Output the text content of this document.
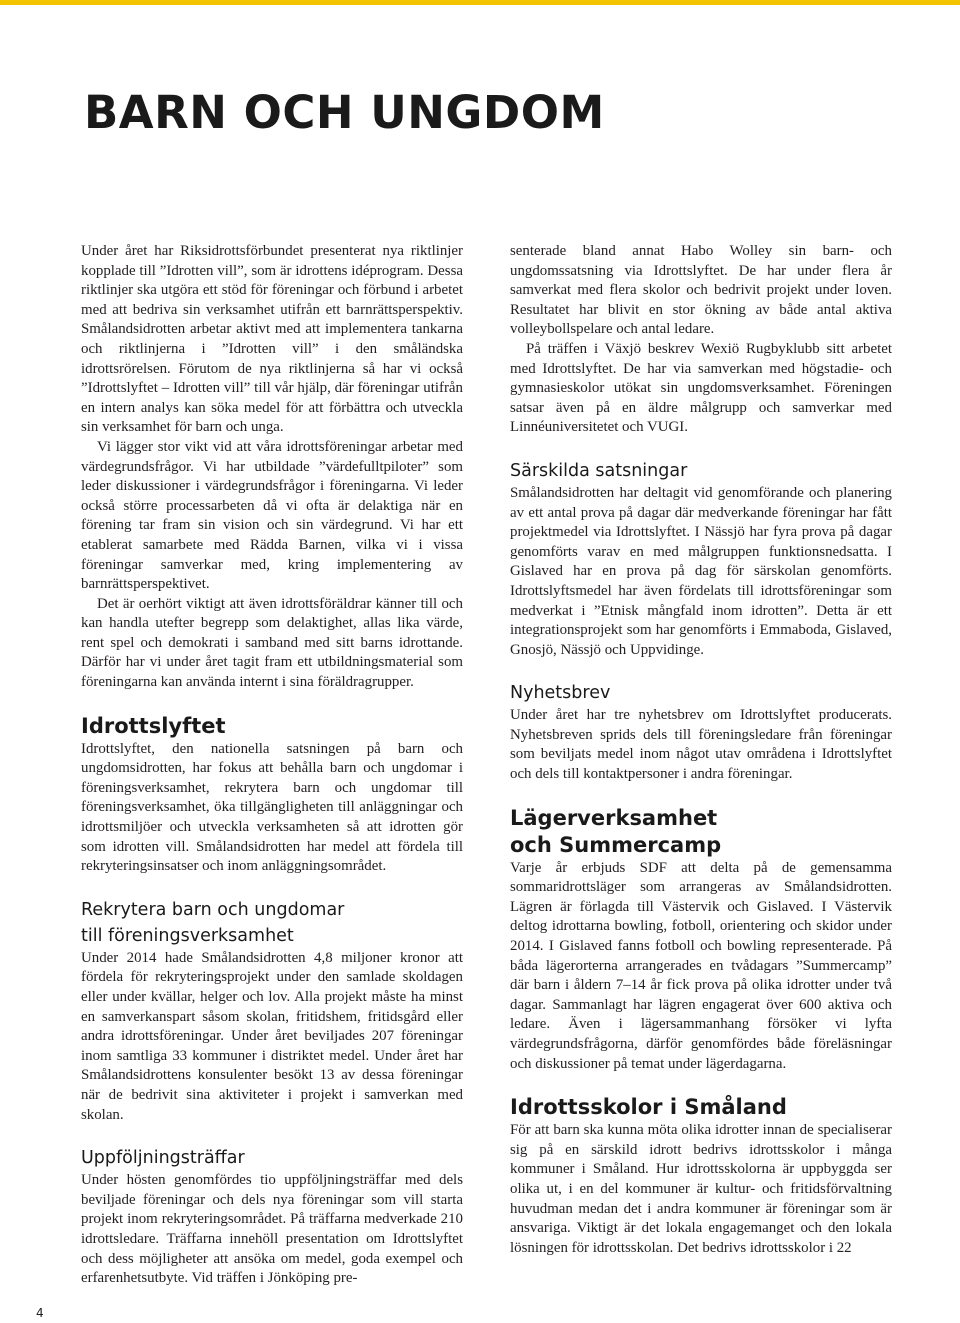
BARN OCH UNGDOM

Under året har Riksidrottsförbundet presenterat nya riktlinjer kopplade till ”Idrotten vill”, som är idrottens idéprogram. Dessa riktlinjer ska utgöra ett stöd för föreningar och förbund i arbetet med att bedriva sin verksamhet utifrån ett barnrättsperspektiv. Smålandsidrotten arbetar aktivt med att implementera tankarna och riktlinjerna i ”Idrotten vill” i den småländska idrottsrörelsen. Förutom de nya riktlinjerna så har vi också ”Idrottslyftet – Idrotten vill” till vår hjälp, där föreningar utifrån en intern analys kan söka medel för att förbättra och utveckla sin verksamhet för barn och unga.

Vi lägger stor vikt vid att våra idrottsföreningar arbetar med värdegrundsfrågor. Vi har utbildade ”värdefulltpiloter” som leder diskussioner i värdegrundsfrågor i föreningarna. Vi leder också större processarbeten då vi ofta är delaktiga när en förening tar fram sin vision och sin värdegrund. Vi har ett etablerat samarbete med Rädda Barnen, vilka vi i vissa föreningar samverkar med, kring implementering av barnrättsperspektivet.

Det är oerhört viktigt att även idrottsföräldrar känner till och kan handla utefter begrepp som delaktighet, allas lika värde, rent spel och demokrati i samband med sitt barns idrottande. Därför har vi under året tagit fram ett utbildningsmaterial som föreningarna kan använda internt i sina föräldragrupper.

Idrottslyftet

Idrottslyftet, den nationella satsningen på barn och ungdomsidrotten, har fokus att behålla barn och ungdomar i föreningsverksamhet, rekrytera barn och ungdomar till föreningsverksamhet, öka tillgängligheten till anläggningar och idrottsmiljöer och utveckla verksamheten så att idrotten gör som idrotten vill. Smålandsidrotten har medel att fördela till rekryteringsinsatser och inom anläggningsområdet.

Rekrytera barn och ungdomar
till föreningsverksamhet

Under 2014 hade Smålandsidrotten 4,8 miljoner kronor att fördela för rekryteringsprojekt under den samlade skoldagen eller under kvällar, helger och lov. Alla projekt måste ha minst en samverkanspart såsom skolan, fritidshem, fritidsgård eller andra idrottsföreningar. Under året beviljades 207 föreningar inom samtliga 33 kommuner i distriktet medel. Under året har Smålandsidrottens konsulenter besökt 13 av dessa föreningar när de bedrivit sina aktiviteter i projekt i samverkan med skolan.

Uppföljningsträffar

Under hösten genomfördes tio uppföljningsträffar med dels beviljade föreningar och dels nya föreningar som vill starta projekt inom rekryteringsområdet. På träffarna medverkade 210 idrottsledare. Träffarna innehöll presentation om Idrottslyftet och dess möjligheter att ansöka om medel, goda exempel och erfarenhetsutbyte. Vid träffen i Jönköping pre-

senterade bland annat Habo Wolley sin barn- och ungdomssatsning via Idrottslyftet. De har under flera år samverkat med flera skolor och bedrivit projekt under loven. Resultatet har blivit en stor ökning av både antal aktiva volleybollspelare och antal ledare.

På träffen i Växjö beskrev Wexiö Rugbyklubb sitt arbetet med Idrottslyftet. De har via samverkan med högstadie- och gymnasieskolor utökat sin ungdomsverksamhet. Föreningen satsar även på en äldre målgrupp och samverkar med Linnéuniversitetet och VUGI.

Särskilda satsningar

Smålandsidrotten har deltagit vid genomförande och planering av ett antal prova på dagar där medverkande föreningar har fått projektmedel via Idrottslyftet. I Nässjö har fyra prova på dagar genomförts varav en med målgruppen funktionsnedsatta. I Gislaved har en prova på dag för särskolan genomförts. Idrottslyftsmedel har även fördelats till idrottsföreningar som medverkat i ”Etnisk mångfald inom idrotten”. Detta är ett integrationsprojekt som har genomförts i Emmaboda, Gislaved, Gnosjö, Nässjö och Uppvidinge.

Nyhetsbrev

Under året har tre nyhetsbrev om Idrottslyftet producerats. Nyhetsbreven sprids dels till föreningsledare från föreningar som beviljats medel inom något utav områdena i Idrottslyftet och dels till kontaktpersoner i andra föreningar.

Lägerverksamhet
och Summercamp

Varje år erbjuds SDF att delta på de gemensamma sommaridrottsläger som arrangeras av Smålandsidrotten. Lägren är förlagda till Västervik och Gislaved. I Västervik deltog idrottarna bowling, fotboll, orientering och skidor under 2014. I Gislaved fanns fotboll och bowling representerade. På båda lägerorterna arrangerades en tvådagars ”Summercamp” där barn i åldern 7–14 år fick prova på olika idrotter under två dagar. Sammanlagt har lägren engagerat över 600 aktiva och ledare. Även i lägersammanhang försöker vi lyfta värdegrundsfrågorna, därför genomfördes både föreläsningar och diskussioner på temat under lägerdagarna.

Idrottsskolor i Småland

För att barn ska kunna möta olika idrotter innan de specialiserar sig på en särskild idrott bedrivs idrottsskolor i många kommuner i Småland. Hur idrottsskolorna är uppbyggda ser olika ut, i en del kommuner är kultur- och fritidsförvaltning huvudman medan det i andra kommuner är föreningar som är ansvariga. Viktigt är det lokala engagemanget och den lokala lösningen för idrottsskolan. Det bedrivs idrottsskolor i 22

4
